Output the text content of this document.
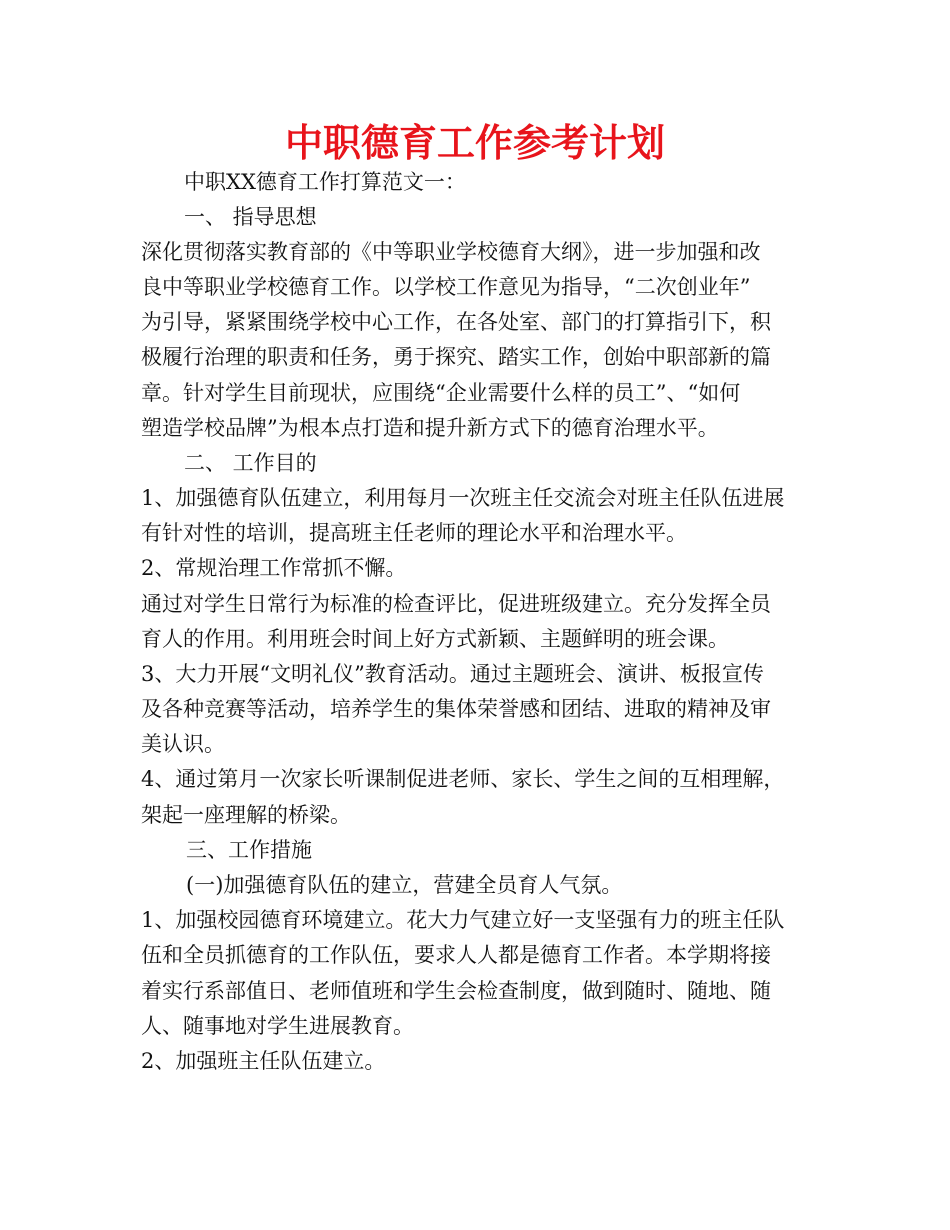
中职德育工作参考计划
中职XX德育工作打算范文一：
一、 指导思想
深化贯彻落实教育部的《中等职业学校德育大纲》，进一步加强和改
良中等职业学校德育工作。以学校工作意见为指导，“二次创业年”
为引导，紧紧围绕学校中心工作，在各处室、部门的打算指引下，积
极履行治理的职责和任务，勇于探究、踏实工作，创始中职部新的篇
章。针对学生目前现状，应围绕“企业需要什么样的员工”、“如何
塑造学校品牌”为根本点打造和提升新方式下的德育治理水平。
二、 工作目的
1、加强德育队伍建立，利用每月一次班主任交流会对班主任队伍进展
有针对性的培训，提高班主任老师的理论水平和治理水平。
2、常规治理工作常抓不懈。
通过对学生日常行为标准的检查评比，促进班级建立。充分发挥全员
育人的作用。利用班会时间上好方式新颖、主题鲜明的班会课。
3、大力开展“文明礼仪”教育活动。通过主题班会、演讲、板报宣传
及各种竞赛等活动，培养学生的集体荣誉感和团结、进取的精神及审
美认识。
4、通过第月一次家长听课制促进老师、家长、学生之间的互相理解，
架起一座理解的桥梁。
三、工作措施
(一)加强德育队伍的建立，营建全员育人气氛。
1、加强校园德育环境建立。花大力气建立好一支坚强有力的班主任队
伍和全员抓德育的工作队伍，要求人人都是德育工作者。本学期将接
着实行系部值日、老师值班和学生会检查制度，做到随时、随地、随
人、随事地对学生进展教育。
2、加强班主任队伍建立。
